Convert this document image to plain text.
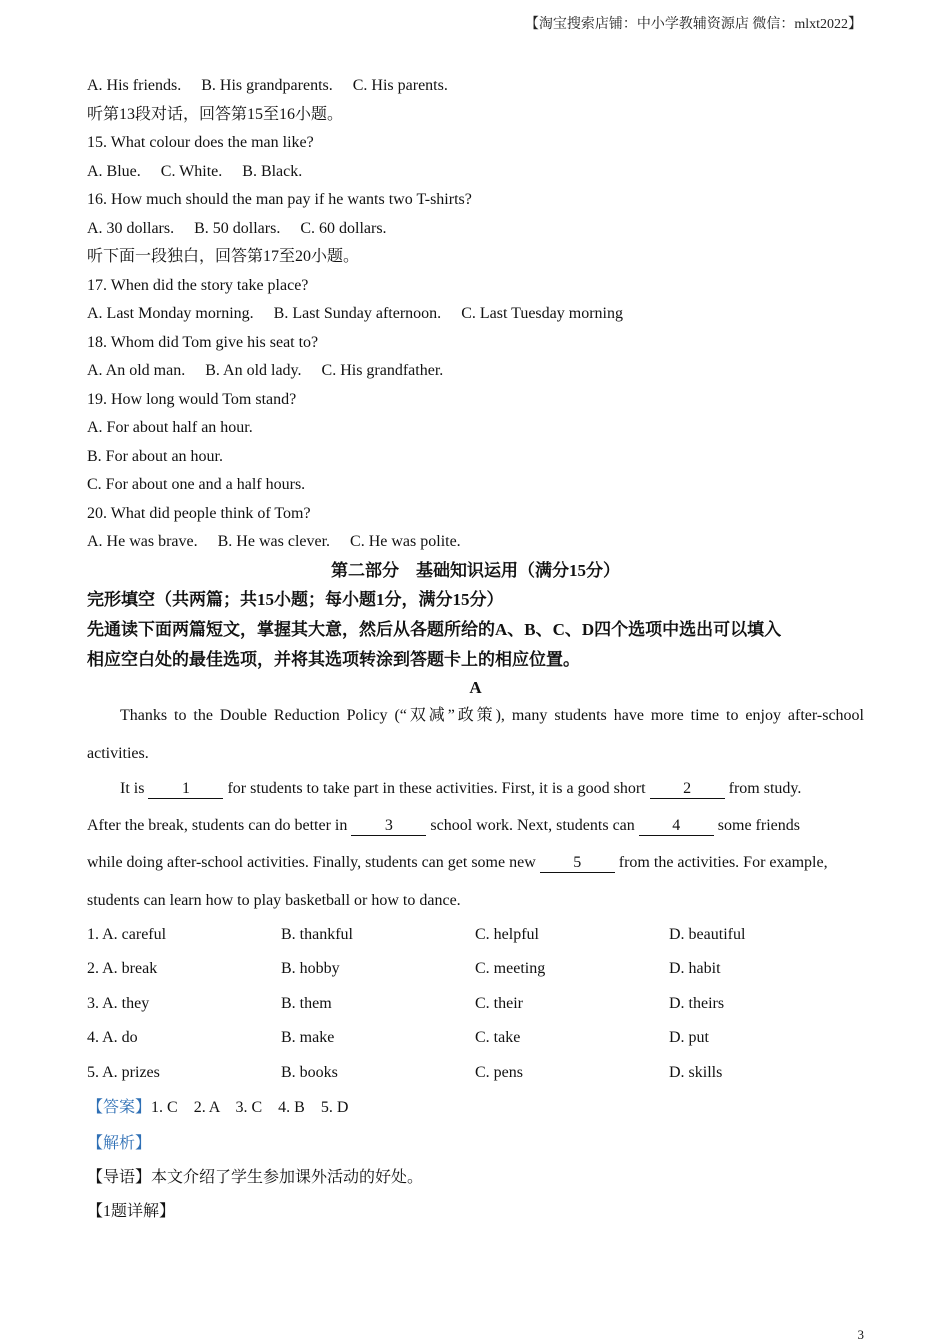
【淘宝搜索店铺：中小学教辅资源店 微信：mlxt2022】
A. His friends. B. His grandparents. C. His parents.
听第13段对话，回答第15至16小题。
15. What colour does the man like?
A. Blue. C. White. B. Black.
16. How much should the man pay if he wants two T-shirts?
A. 30 dollars. B. 50 dollars. C. 60 dollars.
听下面一段独白，回答第17至20小题。
17. When did the story take place?
A. Last Monday morning. B. Last Sunday afternoon. C. Last Tuesday morning
18. Whom did Tom give his seat to?
A. An old man. B. An old lady. C. His grandfather.
19. How long would Tom stand?
A. For about half an hour.
B. For about an hour.
C. For about one and a half hours.
20. What did people think of Tom?
A. He was brave. B. He was clever. C. He was polite.
第二部分　基础知识运用（满分15分）
完形填空（共两篇；共15小题；每小题1分，满分15分）
先通读下面两篇短文，掌握其大意，然后从各题所给的A、B、C、D四个选项中选出可以填入
相应空白处的最佳选项，并将其选项转涂到答题卡上的相应位置。
A
Thanks to the Double Reduction Policy (“双减”政策), many students have more time to enjoy after-school
activities.
It is 1 for students to take part in these activities. First, it is a good short 2 from study.
After the break, students can do better in 3 school work. Next, students can 4 some friends
while doing after-school activities. Finally, students can get some new 5 from the activities. For example,
students can learn how to play basketball or how to dance.
1. A. careful	B. thankful	C. helpful	D. beautiful
2. A. break	B. hobby	C. meeting	D. habit
3. A. they	B. them	C. their	D. theirs
4. A. do	B. make	C. take	D. put
5. A. prizes	B. books	C. pens	D. skills
【答案】1. C　2. A　3. C　4. B　5. D
【解析】
【导语】本文介绍了学生参加课外活动的好处。
【1题详解】
3
